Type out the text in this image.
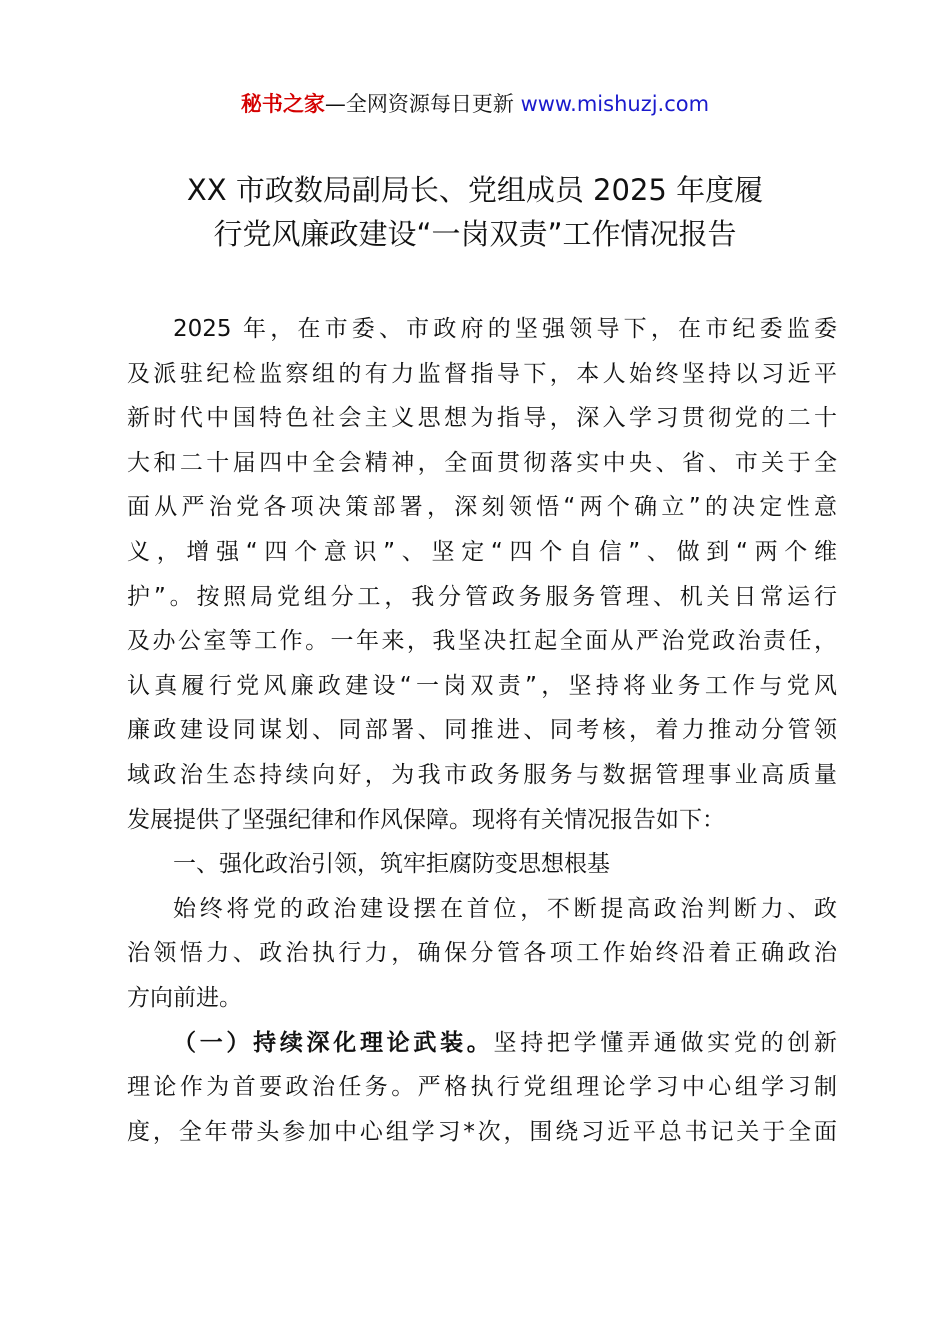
秘书之家—全网资源每日更新 www.mishuzj.com
XX 市政数局副局长、党组成员 2025 年度履
行党风廉政建设“一岗双责”工作情况报告
2025 年，在市委、市政府的坚强领导下，在市纪委监委
及派驻纪检监察组的有力监督指导下，本人始终坚持以习近平
新时代中国特色社会主义思想为指导，深入学习贯彻党的二十
大和二十届四中全会精神，全面贯彻落实中央、省、市关于全
面从严治党各项决策部署，深刻领悟“两个确立”的决定性意
义，增强“四个意识”、坚定“四个自信”、做到“两个维
护”。按照局党组分工，我分管政务服务管理、机关日常运行
及办公室等工作。一年来，我坚决扛起全面从严治党政治责任，
认真履行党风廉政建设“一岗双责”，坚持将业务工作与党风
廉政建设同谋划、同部署、同推进、同考核，着力推动分管领
域政治生态持续向好，为我市政务服务与数据管理事业高质量
发展提供了坚强纪律和作风保障。现将有关情况报告如下：
一、强化政治引领，筑牢拒腐防变思想根基
始终将党的政治建设摆在首位，不断提高政治判断力、政
治领悟力、政治执行力，确保分管各项工作始终沿着正确政治
方向前进。
（一）持续深化理论武装。坚持把学懂弄通做实党的创新
理论作为首要政治任务。严格执行党组理论学习中心组学习制
度，全年带头参加中心组学习*次，围绕习近平总书记关于全面
